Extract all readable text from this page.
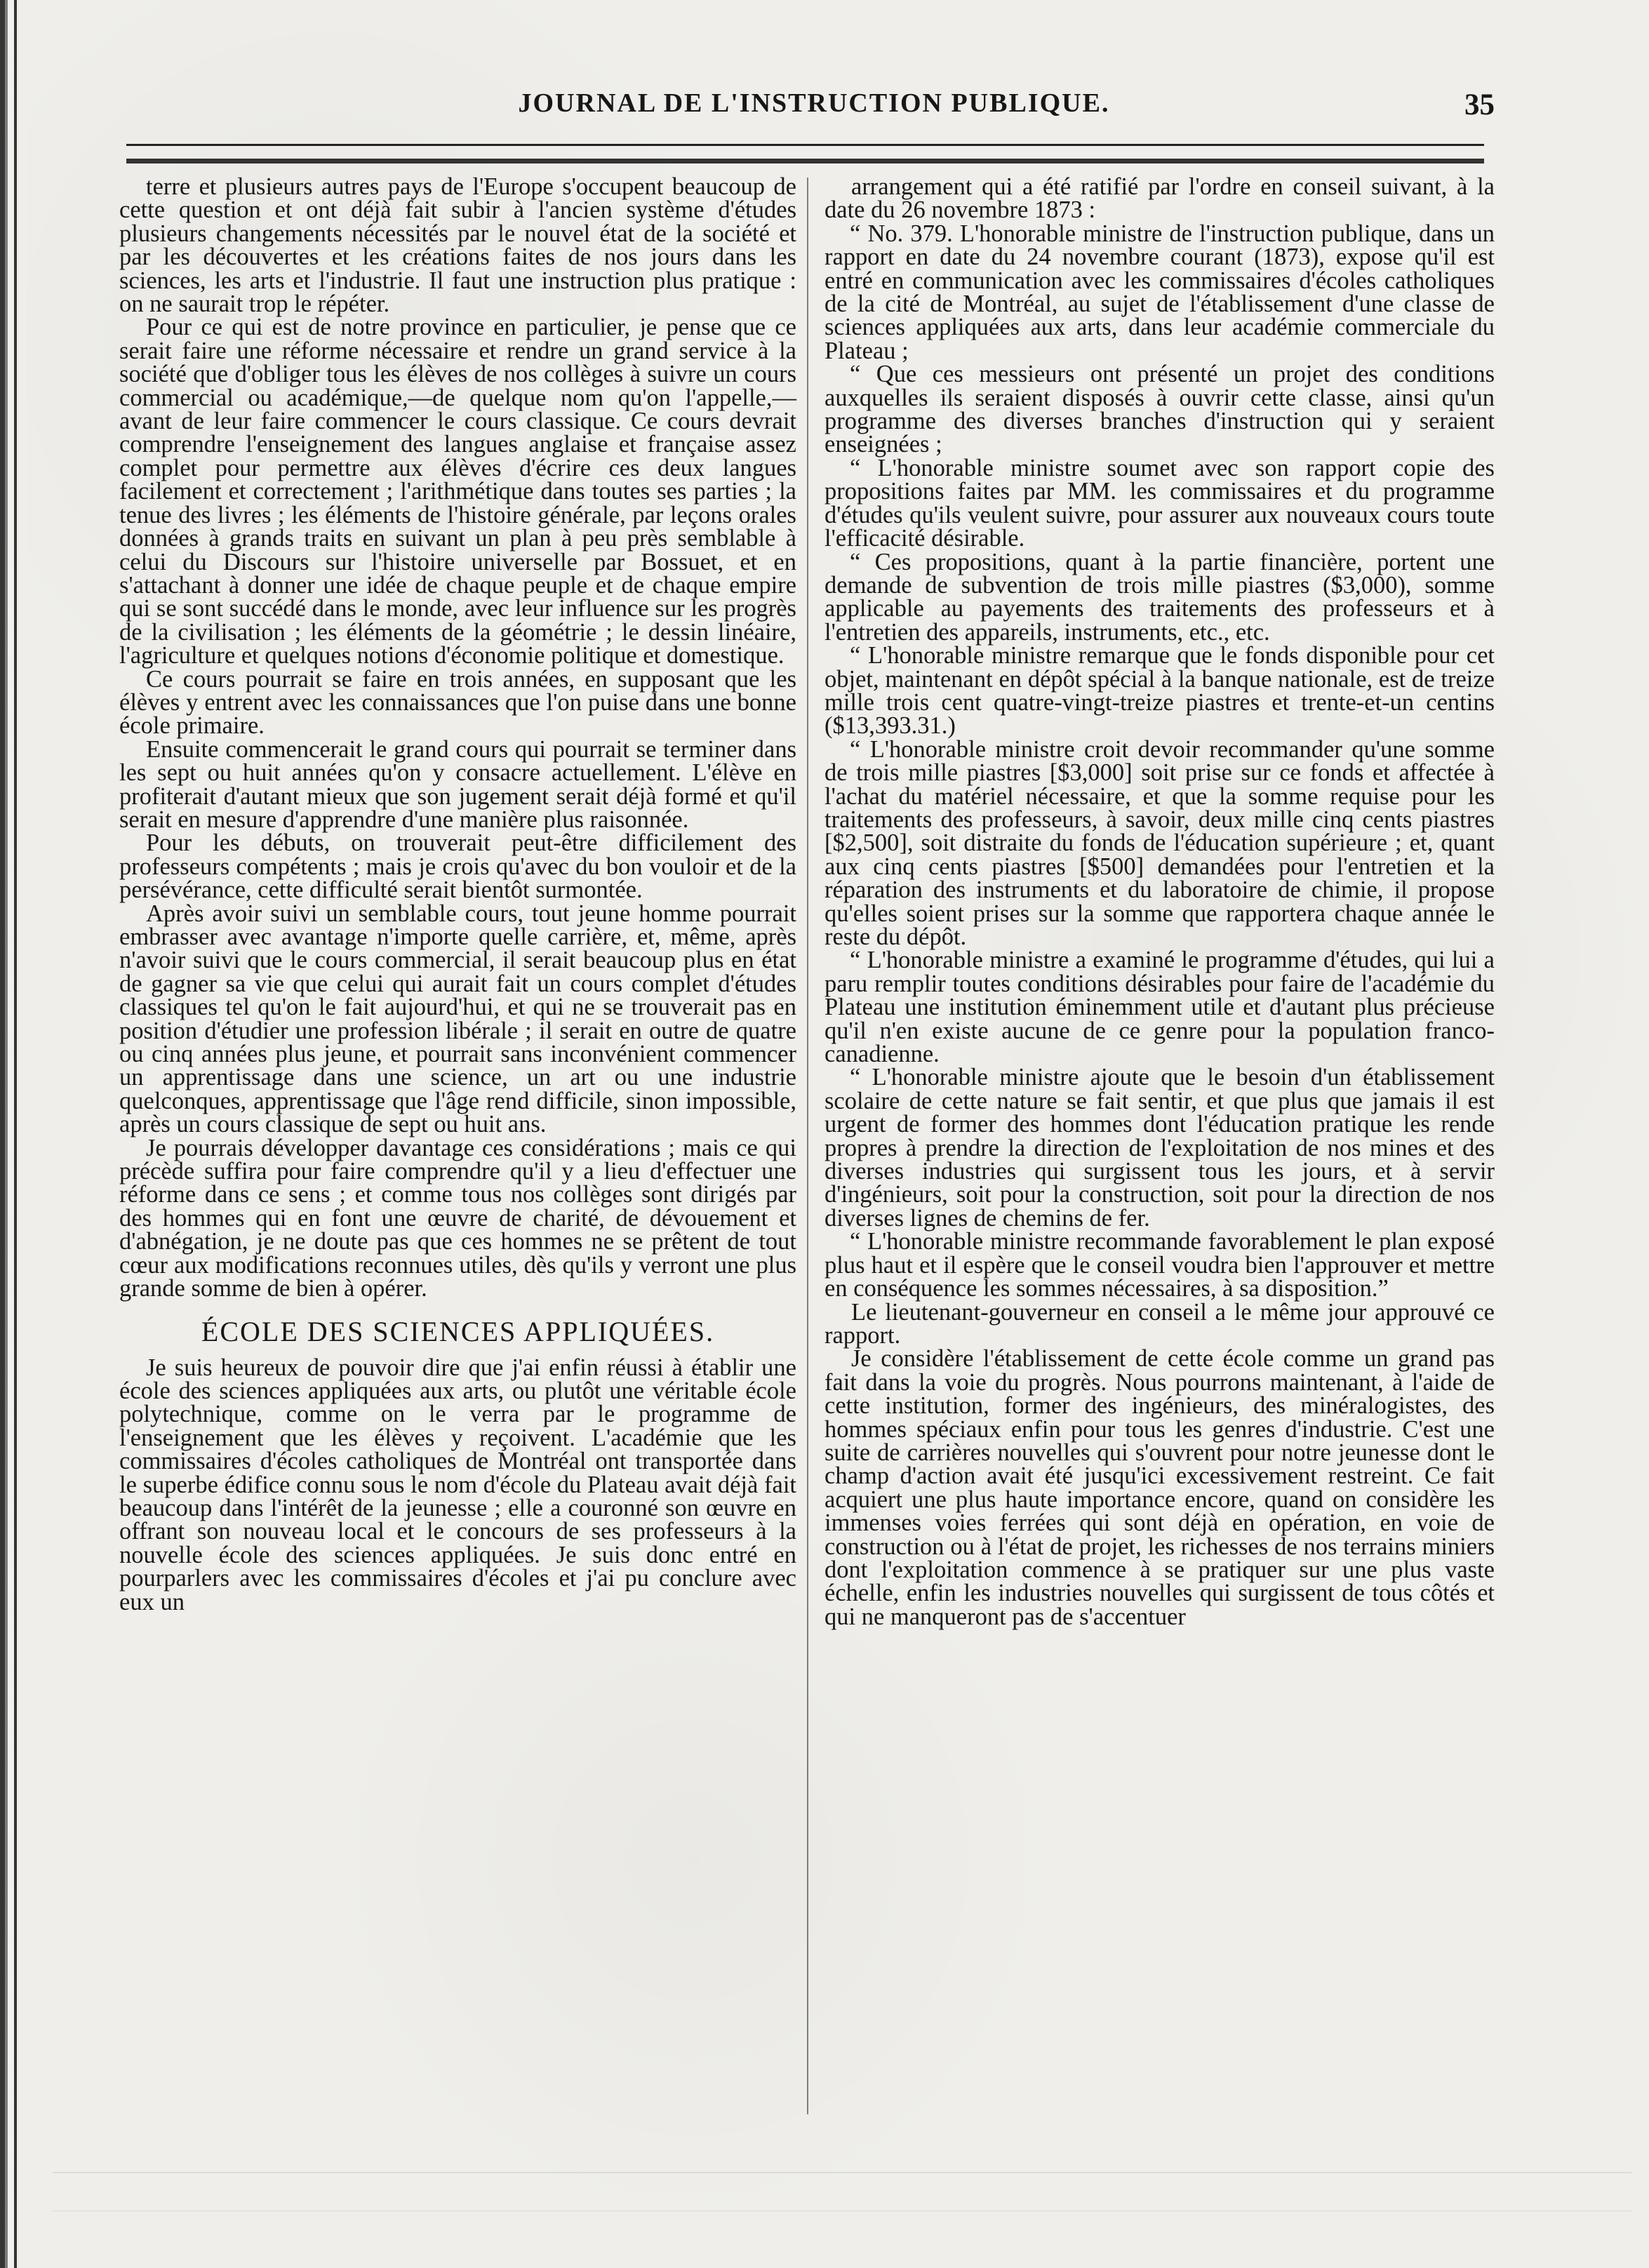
JOURNAL DE L'INSTRUCTION PUBLIQUE.	35

terre et plusieurs autres pays de l'Europe s'occupent beaucoup de cette question et ont déjà fait subir à l'ancien système d'études plusieurs changements nécessités par le nouvel état de la société et par les découvertes et les créations faites de nos jours dans les sciences, les arts et l'industrie. Il faut une instruction plus pratique : on ne saurait trop le répéter.

Pour ce qui est de notre province en particulier, je pense que ce serait faire une réforme nécessaire et rendre un grand service à la société que d'obliger tous les élèves de nos collèges à suivre un cours commercial ou académique,—de quelque nom qu'on l'appelle,—avant de leur faire commencer le cours classique. Ce cours devrait comprendre l'enseignement des langues anglaise et française assez complet pour permettre aux élèves d'écrire ces deux langues facilement et correctement ; l'arithmétique dans toutes ses parties ; la tenue des livres ; les éléments de l'histoire générale, par leçons orales données à grands traits en suivant un plan à peu près semblable à celui du Discours sur l'histoire universelle par Bossuet, et en s'attachant à donner une idée de chaque peuple et de chaque empire qui se sont succédé dans le monde, avec leur influence sur les progrès de la civilisation ; les éléments de la géométrie ; le dessin linéaire, l'agriculture et quelques notions d'économie politique et domestique.

Ce cours pourrait se faire en trois années, en supposant que les élèves y entrent avec les connaissances que l'on puise dans une bonne école primaire.

Ensuite commencerait le grand cours qui pourrait se terminer dans les sept ou huit années qu'on y consacre actuellement. L'élève en profiterait d'autant mieux que son jugement serait déjà formé et qu'il serait en mesure d'apprendre d'une manière plus raisonnée.

Pour les débuts, on trouverait peut-être difficilement des professeurs compétents ; mais je crois qu'avec du bon vouloir et de la persévérance, cette difficulté serait bientôt surmontée.

Après avoir suivi un semblable cours, tout jeune homme pourrait embrasser avec avantage n'importe quelle carrière, et, même, après n'avoir suivi que le cours commercial, il serait beaucoup plus en état de gagner sa vie que celui qui aurait fait un cours complet d'études classiques tel qu'on le fait aujourd'hui, et qui ne se trouverait pas en position d'étudier une profession libérale ; il serait en outre de quatre ou cinq années plus jeune, et pourrait sans inconvénient commencer un apprentissage dans une science, un art ou une industrie quelconques, apprentissage que l'âge rend difficile, sinon impossible, après un cours classique de sept ou huit ans.

Je pourrais développer davantage ces considérations ; mais ce qui précède suffira pour faire comprendre qu'il y a lieu d'effectuer une réforme dans ce sens ; et comme tous nos collèges sont dirigés par des hommes qui en font une œuvre de charité, de dévouement et d'abnégation, je ne doute pas que ces hommes ne se prêtent de tout cœur aux modifications reconnues utiles, dès qu'ils y verront une plus grande somme de bien à opérer.

ÉCOLE DES SCIENCES APPLIQUÉES.

Je suis heureux de pouvoir dire que j'ai enfin réussi à établir une école des sciences appliquées aux arts, ou plutôt une véritable école polytechnique, comme on le verra par le programme de l'enseignement que les élèves y reçoivent. L'académie que les commissaires d'écoles catholiques de Montréal ont transportée dans le superbe édifice connu sous le nom d'école du Plateau avait déjà fait beaucoup dans l'intérêt de la jeunesse ; elle a couronné son œuvre en offrant son nouveau local et le concours de ses professeurs à la nouvelle école des sciences appliquées. Je suis donc entré en pourparlers avec les commissaires d'écoles et j'ai pu conclure avec eux un

arrangement qui a été ratifié par l'ordre en conseil suivant, à la date du 26 novembre 1873 :

“ No. 379. L'honorable ministre de l'instruction publique, dans un rapport en date du 24 novembre courant (1873), expose qu'il est entré en communication avec les commissaires d'écoles catholiques de la cité de Montréal, au sujet de l'établissement d'une classe de sciences appliquées aux arts, dans leur académie commerciale du Plateau ;

“ Que ces messieurs ont présenté un projet des conditions auxquelles ils seraient disposés à ouvrir cette classe, ainsi qu'un programme des diverses branches d'instruction qui y seraient enseignées ;

“ L'honorable ministre soumet avec son rapport copie des propositions faites par MM. les commissaires et du programme d'études qu'ils veulent suivre, pour assurer aux nouveaux cours toute l'efficacité désirable.

“ Ces propositions, quant à la partie financière, portent une demande de subvention de trois mille piastres ($3,000), somme applicable au payements des traitements des professeurs et à l'entretien des appareils, instruments, etc., etc.

“ L'honorable ministre remarque que le fonds disponible pour cet objet, maintenant en dépôt spécial à la banque nationale, est de treize mille trois cent quatre-vingt-treize piastres et trente-et-un centins ($13,393.31.)

“ L'honorable ministre croit devoir recommander qu'une somme de trois mille piastres [$3,000] soit prise sur ce fonds et affectée à l'achat du matériel nécessaire, et que la somme requise pour les traitements des professeurs, à savoir, deux mille cinq cents piastres [$2,500], soit distraite du fonds de l'éducation supérieure ; et, quant aux cinq cents piastres [$500] demandées pour l'entretien et la réparation des instruments et du laboratoire de chimie, il propose qu'elles soient prises sur la somme que rapportera chaque année le reste du dépôt.

“ L'honorable ministre a examiné le programme d'études, qui lui a paru remplir toutes conditions désirables pour faire de l'académie du Plateau une institution éminemment utile et d'autant plus précieuse qu'il n'en existe aucune de ce genre pour la population franco-canadienne.

“ L'honorable ministre ajoute que le besoin d'un établissement scolaire de cette nature se fait sentir, et que plus que jamais il est urgent de former des hommes dont l'éducation pratique les rende propres à prendre la direction de l'exploitation de nos mines et des diverses industries qui surgissent tous les jours, et à servir d'ingénieurs, soit pour la construction, soit pour la direction de nos diverses lignes de chemins de fer.

“ L'honorable ministre recommande favorablement le plan exposé plus haut et il espère que le conseil voudra bien l'approuver et mettre en conséquence les sommes nécessaires, à sa disposition.”

Le lieutenant-gouverneur en conseil a le même jour approuvé ce rapport.

Je considère l'établissement de cette école comme un grand pas fait dans la voie du progrès. Nous pourrons maintenant, à l'aide de cette institution, former des ingénieurs, des minéralogistes, des hommes spéciaux enfin pour tous les genres d'industrie. C'est une suite de carrières nouvelles qui s'ouvrent pour notre jeunesse dont le champ d'action avait été jusqu'ici excessivement restreint. Ce fait acquiert une plus haute importance encore, quand on considère les immenses voies ferrées qui sont déjà en opération, en voie de construction ou à l'état de projet, les richesses de nos terrains miniers dont l'exploitation commence à se pratiquer sur une plus vaste échelle, enfin les industries nouvelles qui surgissent de tous côtés et qui ne manqueront pas de s'accentuer
